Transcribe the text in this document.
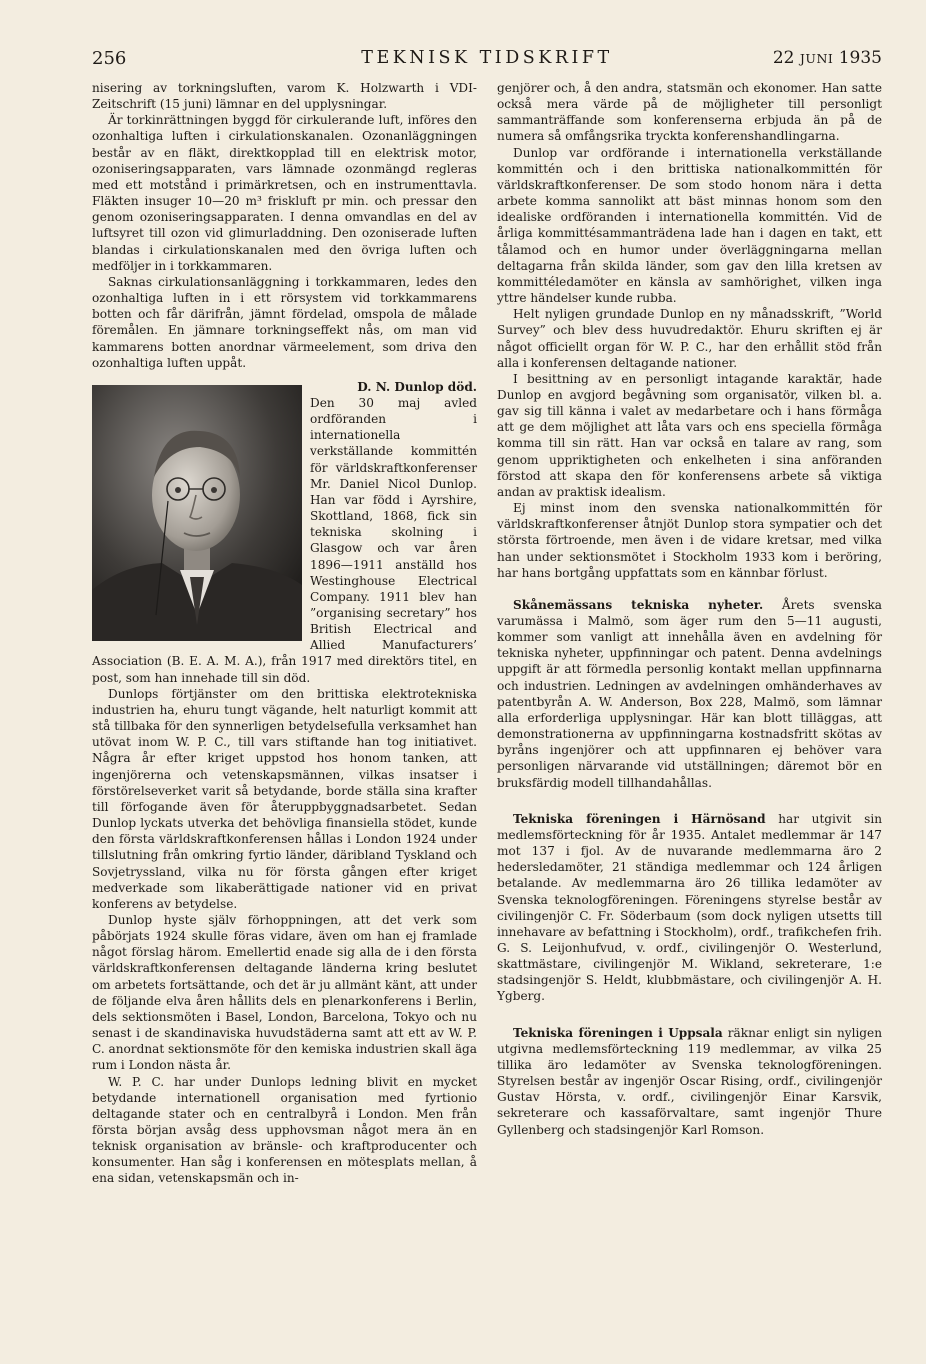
256	TEKNISK TIDSKRIFT	22 JUNI 1935

nisering av torkningsluften, varom K. Holzwarth i VDI-Zeitschrift (15 juni) lämnar en del upplysningar.

Är torkinrättningen byggd för cirkulerande luft, införes den ozonhaltiga luften i cirkulationskanalen. Ozonanläggningen består av en fläkt, direktkopplad till en elektrisk motor, ozoniseringsapparaten, vars lämnade ozonmängd regleras med ett motstånd i primärkretsen, och en instrumenttavla. Fläkten insuger 10—20 m³ friskluft pr min. och pressar den genom ozoniseringsapparaten. I denna omvandlas en del av luftsyret till ozon vid glimurladdning. Den ozoniserade luften blandas i cirkulationskanalen med den övriga luften och medföljer in i torkkammaren.

Saknas cirkulationsanläggning i torkkammaren, ledes den ozonhaltiga luften in i ett rörsystem vid torkkammarens botten och får därifrån, jämnt fördelad, omspola de målade föremålen. En jämnare torkningseffekt nås, om man vid kammarens botten anordnar värmeelement, som driva den ozonhaltiga luften uppåt.

D. N. Dunlop död.

Den 30 maj avled ordföranden i internationella verkställande kommittén för världskraftkonferenser Mr. Daniel Nicol Dunlop. Han var född i Ayrshire, Skottland, 1868, fick sin tekniska skolning i Glasgow och var åren 1896—1911 anställd hos Westinghouse Electrical Company. 1911 blev han ”organising secretary” hos British Electrical and Allied Manufacturers’ Association (B. E. A. M. A.), från 1917 med direktörs titel, en post, som han innehade till sin död.

Dunlops förtjänster om den brittiska elektrotekniska industrien ha, ehuru tungt vägande, helt naturligt kommit att stå tillbaka för den synnerligen betydelsefulla verksamhet han utövat inom W. P. C., till vars stiftande han tog initiativet. Några år efter kriget uppstod hos honom tanken, att ingenjörerna och vetenskapsmännen, vilkas insatser i förstörelseverket varit så betydande, borde ställa sina krafter till förfogande även för återuppbyggnadsarbetet. Sedan Dunlop lyckats utverka det behövliga finansiella stödet, kunde den första världskraftkonferensen hållas i London 1924 under tillslutning från omkring fyrtio länder, däribland Tyskland och Sovjetryssland, vilka nu för första gången efter kriget medverkade som likaberättigade nationer vid en privat konferens av betydelse.

Dunlop hyste själv förhoppningen, att det verk som påbörjats 1924 skulle föras vidare, även om han ej framlade något förslag härom. Emellertid enade sig alla de i den första världskraftkonferensen deltagande länderna kring beslutet om arbetets fortsättande, och det är ju allmänt känt, att under de följande elva åren hållits dels en plenarkonferens i Berlin, dels sektionsmöten i Basel, London, Barcelona, Tokyo och nu senast i de skandinaviska huvudstäderna samt att ett av W. P. C. anordnat sektionsmöte för den kemiska industrien skall äga rum i London nästa år.

W. P. C. har under Dunlops ledning blivit en mycket betydande internationell organisation med fyrtionio deltagande stater och en centralbyrå i London. Men från första början avsåg dess upphovsman något mera än en teknisk organisation av bränsle- och kraftproducenter och konsumenter. Han såg i konferensen en mötesplats mellan, å ena sidan, vetenskapsmän och in-

genjörer och, å den andra, statsmän och ekonomer. Han satte också mera värde på de möjligheter till personligt sammanträffande som konferenserna erbjuda än på de numera så omfångsrika tryckta konferenshandlingarna.

Dunlop var ordförande i internationella verkställande kommittén och i den brittiska nationalkommittén för världskraftkonferenser. De som stodo honom nära i detta arbete komma sannolikt att bäst minnas honom som den idealiske ordföranden i internationella kommittén. Vid de årliga kommittésammanträdena lade han i dagen en takt, ett tålamod och en humor under överläggningarna mellan deltagarna från skilda länder, som gav den lilla kretsen av kommittéledamöter en känsla av samhörighet, vilken inga yttre händelser kunde rubba.

Helt nyligen grundade Dunlop en ny månadsskrift, ”World Survey” och blev dess huvudredaktör. Ehuru skriften ej är något officiellt organ för W. P. C., har den erhållit stöd från alla i konferensen deltagande nationer.

I besittning av en personligt intagande karaktär, hade Dunlop en avgjord begåvning som organisatör, vilken bl. a. gav sig till känna i valet av medarbetare och i hans förmåga att ge dem möjlighet att låta vars och ens speciella förmåga komma till sin rätt. Han var också en talare av rang, som genom uppriktigheten och enkelheten i sina anföranden förstod att skapa den för konferensens arbete så viktiga andan av praktisk idealism.

Ej minst inom den svenska nationalkommittén för världskraftkonferenser åtnjöt Dunlop stora sympatier och det största förtroende, men även i de vidare kretsar, med vilka han under sektionsmötet i Stockholm 1933 kom i beröring, har hans bortgång uppfattats som en kännbar förlust.

Skånemässans tekniska nyheter. Årets svenska varumässa i Malmö, som äger rum den 5—11 augusti, kommer som vanligt att innehålla även en avdelning för tekniska nyheter, uppfinningar och patent. Denna avdelnings uppgift är att förmedla personlig kontakt mellan uppfinnarna och industrien. Ledningen av avdelningen omhänderhaves av patentbyrån A. W. Anderson, Box 228, Malmö, som lämnar alla erforderliga upplysningar. Här kan blott tilläggas, att demonstrationerna av uppfinningarna kostnadsfritt skötas av byråns ingenjörer och att uppfinnaren ej behöver vara personligen närvarande vid utställningen; däremot bör en bruksfärdig modell tillhandahållas.

Tekniska föreningen i Härnösand har utgivit sin medlemsförteckning för år 1935. Antalet medlemmar är 147 mot 137 i fjol. Av de nuvarande medlemmarna äro 2 hedersledamöter, 21 ständiga medlemmar och 124 årligen betalande. Av medlemmarna äro 26 tillika ledamöter av Svenska teknologföreningen. Föreningens styrelse består av civilingenjör C. Fr. Söderbaum (som dock nyligen utsetts till innehavare av befattning i Stockholm), ordf., trafikchefen frih. G. S. Leijonhufvud, v. ordf., civilingenjör O. Westerlund, skattmästare, civilingenjör M. Wikland, sekreterare, 1:e stadsingenjör S. Heldt, klubbmästare, och civilingenjör A. H. Ygberg.

Tekniska föreningen i Uppsala räknar enligt sin nyligen utgivna medlemsförteckning 119 medlemmar, av vilka 25 tillika äro ledamöter av Svenska teknologföreningen. Styrelsen består av ingenjör Oscar Rising, ordf., civilingenjör Gustav Hörsta, v. ordf., civilingenjör Einar Karsvik, sekreterare och kassaförvaltare, samt ingenjör Thure Gyllenberg och stadsingenjör Karl Romson.
